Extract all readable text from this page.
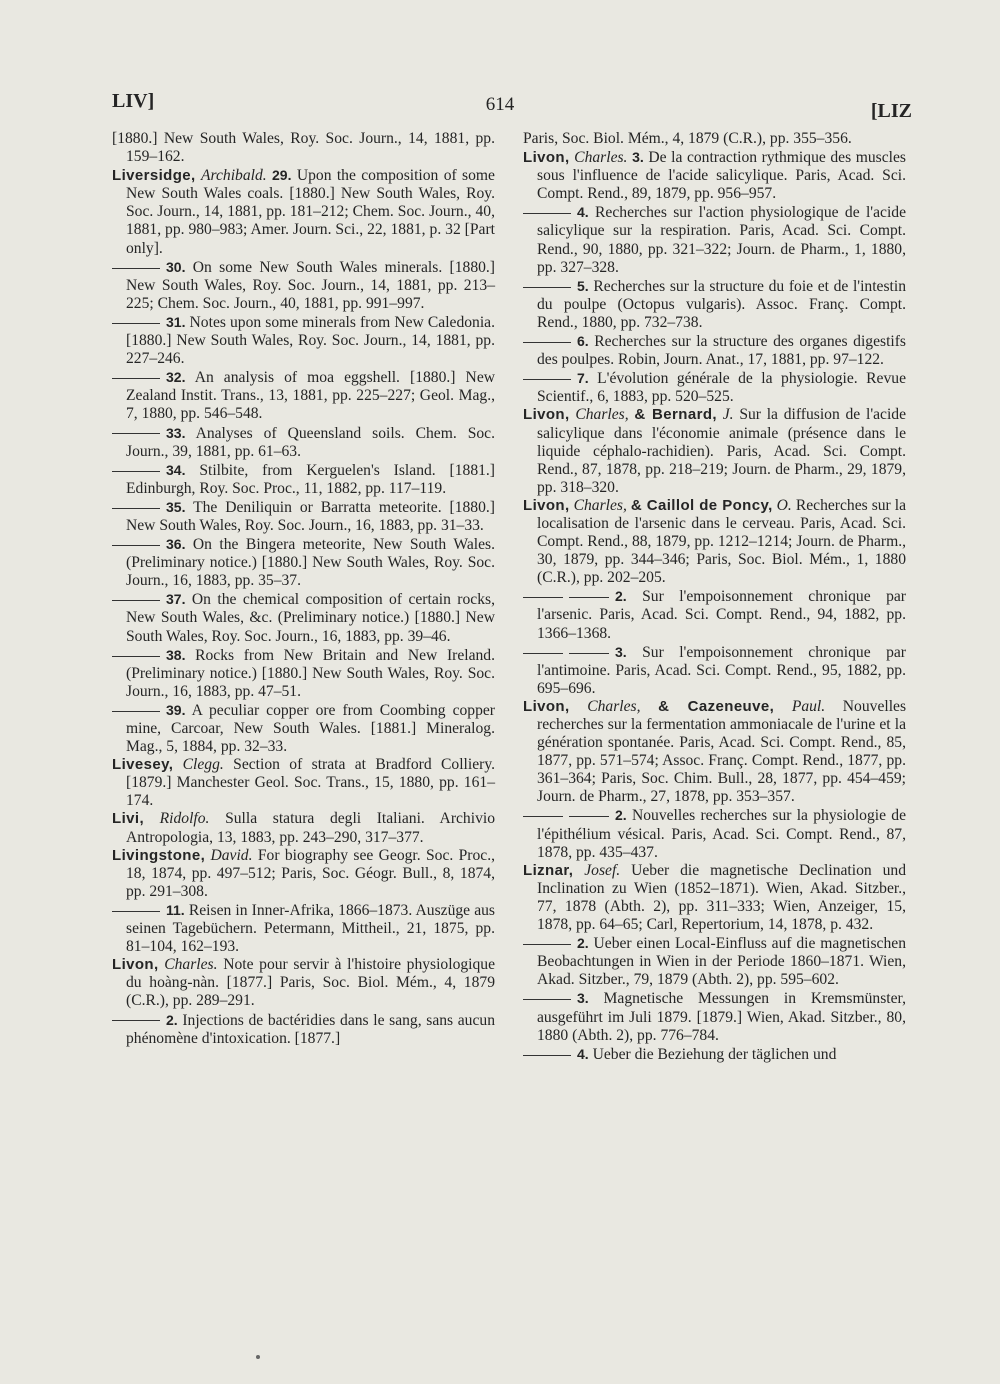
LIV]	614	[LIZ

[1880.] New South Wales, Roy. Soc. Journ., 14, 1881, pp. 159–162.

Liversidge, Archibald. 29. Upon the composition of some New South Wales coals. [1880.] New South Wales, Roy. Soc. Journ., 14, 1881, pp. 181–212; Chem. Soc. Journ., 40, 1881, pp. 980–983; Amer. Journ. Sci., 22, 1881, p. 32 [Part only].

30. On some New South Wales minerals. [1880.] New South Wales, Roy. Soc. Journ., 14, 1881, pp. 213–225; Chem. Soc. Journ., 40, 1881, pp. 991–997.

31. Notes upon some minerals from New Caledonia. [1880.] New South Wales, Roy. Soc. Journ., 14, 1881, pp. 227–246.

32. An analysis of moa eggshell. [1880.] New Zealand Instit. Trans., 13, 1881, pp. 225–227; Geol. Mag., 7, 1880, pp. 546–548.

33. Analyses of Queensland soils. Chem. Soc. Journ., 39, 1881, pp. 61–63.

34. Stilbite, from Kerguelen's Island. [1881.] Edinburgh, Roy. Soc. Proc., 11, 1882, pp. 117–119.

35. The Deniliquin or Barratta meteorite. [1880.] New South Wales, Roy. Soc. Journ., 16, 1883, pp. 31–33.

36. On the Bingera meteorite, New South Wales. (Preliminary notice.) [1880.] New South Wales, Roy. Soc. Journ., 16, 1883, pp. 35–37.

37. On the chemical composition of certain rocks, New South Wales, &c. (Preliminary notice.) [1880.] New South Wales, Roy. Soc. Journ., 16, 1883, pp. 39–46.

38. Rocks from New Britain and New Ireland. (Preliminary notice.) [1880.] New South Wales, Roy. Soc. Journ., 16, 1883, pp. 47–51.

39. A peculiar copper ore from Coombing copper mine, Carcoar, New South Wales. [1881.] Mineralog. Mag., 5, 1884, pp. 32–33.

Livesey, Clegg. Section of strata at Bradford Colliery. [1879.] Manchester Geol. Soc. Trans., 15, 1880, pp. 161–174.

Livi, Ridolfo. Sulla statura degli Italiani. Archivio Antropologia, 13, 1883, pp. 243–290, 317–377.

Livingstone, David. For biography see Geogr. Soc. Proc., 18, 1874, pp. 497–512; Paris, Soc. Géogr. Bull., 8, 1874, pp. 291–308.

11. Reisen in Inner-Afrika, 1866–1873. Auszüge aus seinen Tagebüchern. Petermann, Mittheil., 21, 1875, pp. 81–104, 162–193.

Livon, Charles. Note pour servir à l'histoire physiologique du hoàng-nàn. [1877.] Paris, Soc. Biol. Mém., 4, 1879 (C.R.), pp. 289–291.

2. Injections de bactéridies dans le sang, sans aucun phénomène d'intoxication. [1877.]

Paris, Soc. Biol. Mém., 4, 1879 (C.R.), pp. 355–356.

Livon, Charles. 3. De la contraction rythmique des muscles sous l'influence de l'acide salicylique. Paris, Acad. Sci. Compt. Rend., 89, 1879, pp. 956–957.

4. Recherches sur l'action physiologique de l'acide salicylique sur la respiration. Paris, Acad. Sci. Compt. Rend., 90, 1880, pp. 321–322; Journ. de Pharm., 1, 1880, pp. 327–328.

5. Recherches sur la structure du foie et de l'intestin du poulpe (Octopus vulgaris). Assoc. Franç. Compt. Rend., 1880, pp. 732–738.

6. Recherches sur la structure des organes digestifs des poulpes. Robin, Journ. Anat., 17, 1881, pp. 97–122.

7. L'évolution générale de la physiologie. Revue Scientif., 6, 1883, pp. 520–525.

Livon, Charles, & Bernard, J. Sur la diffusion de l'acide salicylique dans l'économie animale (présence dans le liquide céphalo-rachidien). Paris, Acad. Sci. Compt. Rend., 87, 1878, pp. 218–219; Journ. de Pharm., 29, 1879, pp. 318–320.

Livon, Charles, & Caillol de Poncy, O. Recherches sur la localisation de l'arsenic dans le cerveau. Paris, Acad. Sci. Compt. Rend., 88, 1879, pp. 1212–1214; Journ. de Pharm., 30, 1879, pp. 344–346; Paris, Soc. Biol. Mém., 1, 1880 (C.R.), pp. 202–205.

2. Sur l'empoisonnement chronique par l'arsenic. Paris, Acad. Sci. Compt. Rend., 94, 1882, pp. 1366–1368.

3. Sur l'empoisonnement chronique par l'antimoine. Paris, Acad. Sci. Compt. Rend., 95, 1882, pp. 695–696.

Livon, Charles, & Cazeneuve, Paul. Nouvelles recherches sur la fermentation ammoniacale de l'urine et la génération spontanée. Paris, Acad. Sci. Compt. Rend., 85, 1877, pp. 571–574; Assoc. Franç. Compt. Rend., 1877, pp. 361–364; Paris, Soc. Chim. Bull., 28, 1877, pp. 454–459; Journ. de Pharm., 27, 1878, pp. 353–357.

2. Nouvelles recherches sur la physiologie de l'épithélium vésical. Paris, Acad. Sci. Compt. Rend., 87, 1878, pp. 435–437.

Liznar, Josef. Ueber die magnetische Declination und Inclination zu Wien (1852–1871). Wien, Akad. Sitzber., 77, 1878 (Abth. 2), pp. 311–333; Wien, Anzeiger, 15, 1878, pp. 64–65; Carl, Repertorium, 14, 1878, p. 432.

2. Ueber einen Local-Einfluss auf die magnetischen Beobachtungen in Wien in der Periode 1860–1871. Wien, Akad. Sitzber., 79, 1879 (Abth. 2), pp. 595–602.

3. Magnetische Messungen in Kremsmünster, ausgeführt im Juli 1879. [1879.] Wien, Akad. Sitzber., 80, 1880 (Abth. 2), pp. 776–784.

4. Ueber die Beziehung der täglichen und
